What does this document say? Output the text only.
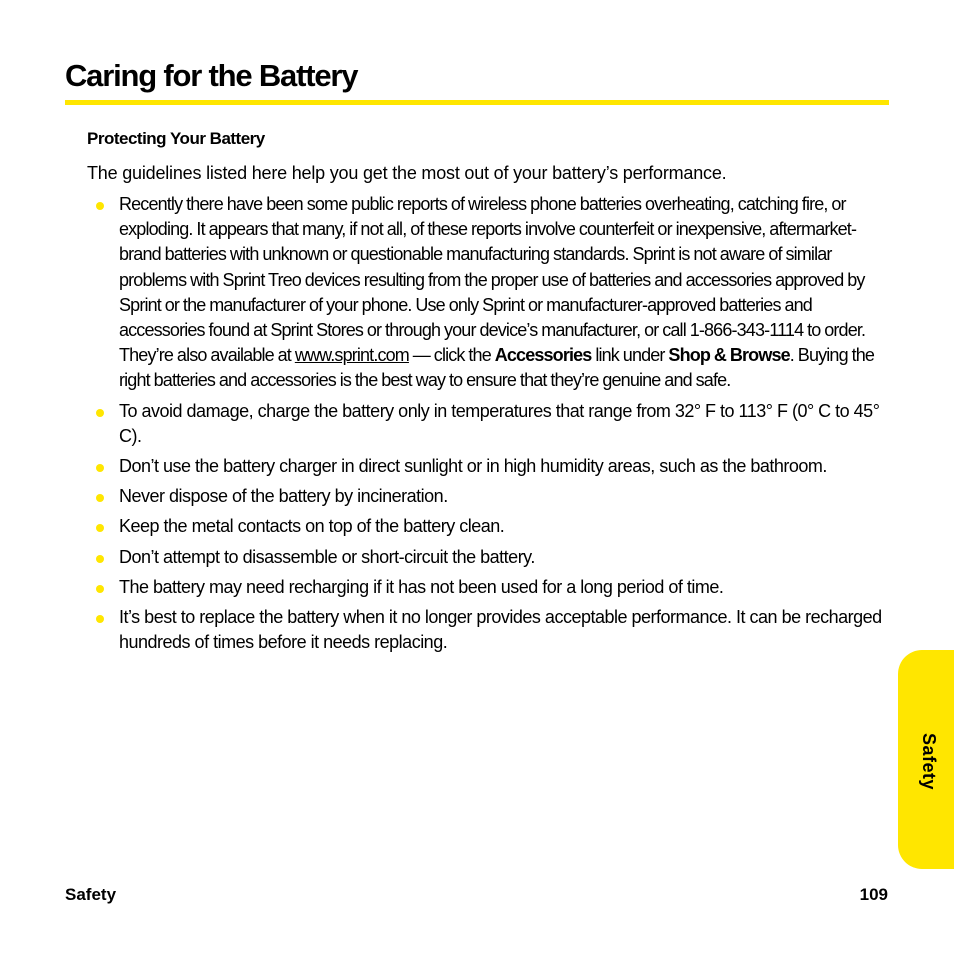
Caring for the Battery
Protecting Your Battery

The guidelines listed here help you get the most out of your battery’s performance.

Recently there have been some public reports of wireless phone batteries overheating, catching fire, or exploding. It appears that many, if not all, of these reports involve counterfeit or inexpensive, aftermarket-brand batteries with unknown or questionable manufacturing standards. Sprint is not aware of similar problems with Sprint Treo devices resulting from the proper use of batteries and accessories approved by Sprint or the manufacturer of your phone. Use only Sprint or manufacturer-approved batteries and accessories found at Sprint Stores or through your device’s manufacturer, or call 1-866-343-1114 to order. They’re also available at www.sprint.com — click the Accessories link under Shop & Browse. Buying the right batteries and accessories is the best way to ensure that they’re genuine and safe.
To avoid damage, charge the battery only in temperatures that range from 32° F to 113° F (0° C to 45° C).
Don’t use the battery charger in direct sunlight or in high humidity areas, such as the bathroom.
Never dispose of the battery by incineration.
Keep the metal contacts on top of the battery clean.
Don’t attempt to disassemble or short-circuit the battery.
The battery may need recharging if it has not been used for a long period of time.
It’s best to replace the battery when it no longer provides acceptable performance. It can be recharged hundreds of times before it needs replacing.
Safety
Safety	109
